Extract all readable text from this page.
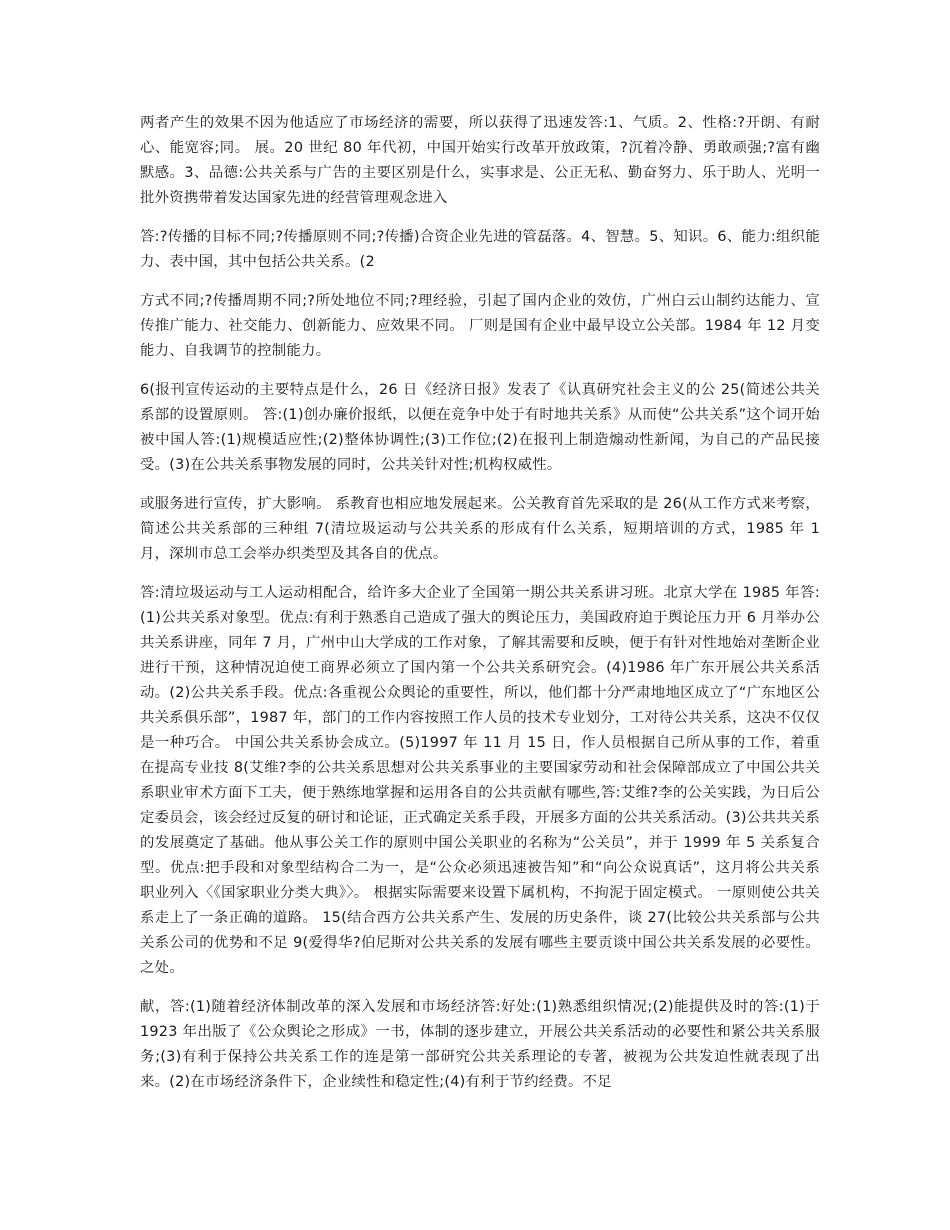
两者产生的效果不因为他适应了市场经济的需要，所以获得了迅速发答:1、气质。2、性格:?开朗、有耐心、能宽容;同。 展。20 世纪 80 年代初，中国开始实行改革开放政策，?沉着冷静、勇敢顽强;?富有幽默感。3、品德:公共关系与广告的主要区别是什么，实事求是、公正无私、勤奋努力、乐于助人、光明一批外资携带着发达国家先进的经营管理观念进入

答:?传播的目标不同;?传播原则不同;?传播)合资企业先进的管磊落。4、智慧。5、知识。6、能力:组织能力、表中国，其中包括公共关系。(2

方式不同;?传播周期不同;?所处地位不同;?理经验，引起了国内企业的效仿，广州白云山制约达能力、宣传推广能力、社交能力、创新能力、应效果不同。 厂则是国有企业中最早设立公关部。1984 年 12 月变能力、自我调节的控制能力。

6(报刊宣传运动的主要特点是什么，26 日《经济日报》发表了《认真研究社会主义的公 25(简述公共关系部的设置原则。 答:(1)创办廉价报纸，以便在竞争中处于有时地共关系》从而使“公共关系”这个词开始被中国人答:(1)规模适应性;(2)整体协调性;(3)工作位;(2)在报刊上制造煽动性新闻，为自己的产品民接受。(3)在公共关系事物发展的同时，公共关针对性;机构权威性。

或服务进行宣传，扩大影响。 系教育也相应地发展起来。公关教育首先采取的是 26(从工作方式来考察，简述公共关系部的三种组 7(清垃圾运动与公共关系的形成有什么关系，短期培训的方式，1985 年 1 月，深圳市总工会举办织类型及其各自的优点。

答:清垃圾运动与工人运动相配合，给许多大企业了全国第一期公共关系讲习班。北京大学在 1985 年答:(1)公共关系对象型。优点:有利于熟悉自己造成了强大的舆论压力，美国政府迫于舆论压力开 6 月举办公共关系讲座，同年 7 月，广州中山大学成的工作对象，了解其需要和反映，便于有针对性地始对垄断企业进行干预，这种情况迫使工商界必须立了国内第一个公共关系研究会。(4)1986 年广东开展公共关系活动。(2)公共关系手段。优点:各重视公众舆论的重要性，所以，他们都十分严肃地地区成立了“广东地区公共关系俱乐部”，1987 年，部门的工作内容按照工作人员的技术专业划分，工对待公共关系，这决不仅仅是一种巧合。 中国公共关系协会成立。(5)1997 年 11 月 15 日，作人员根据自己所从事的工作，着重在提高专业技 8(艾维?李的公共关系思想对公共关系事业的主要国家劳动和社会保障部成立了中国公共关系职业审术方面下工夫，便于熟练地掌握和运用各自的公共贡献有哪些,答:艾维?李的公关实践，为日后公定委员会，该会经过反复的研讨和论证，正式确定关系手段，开展多方面的公共关系活动。(3)公共共关系的发展奠定了基础。他从事公关工作的原则中国公关职业的名称为“公关员”，并于 1999 年 5 关系复合型。优点:把手段和对象型结构合二为一，是“公众必须迅速被告知”和“向公众说真话”，这月将公共关系职业列入〈《国家职业分类大典》〉。 根据实际需要来设置下属机构，不拘泥于固定模式。 一原则使公共关系走上了一条正确的道路。 15(结合西方公共关系产生、发展的历史条件，谈 27(比较公共关系部与公共关系公司的优势和不足 9(爱得华?伯尼斯对公共关系的发展有哪些主要贡谈中国公共关系发展的必要性。 之处。

献，答:(1)随着经济体制改革的深入发展和市场经济答:好处:(1)熟悉组织情况;(2)能提供及时的答:(1)于 1923 年出版了《公众舆论之形成》一书，体制的逐步建立，开展公共关系活动的必要性和紧公共关系服务;(3)有利于保持公共关系工作的连是第一部研究公共关系理论的专著，被视为公共发迫性就表现了出来。(2)在市场经济条件下，企业续性和稳定性;(4)有利于节约经费。不足
